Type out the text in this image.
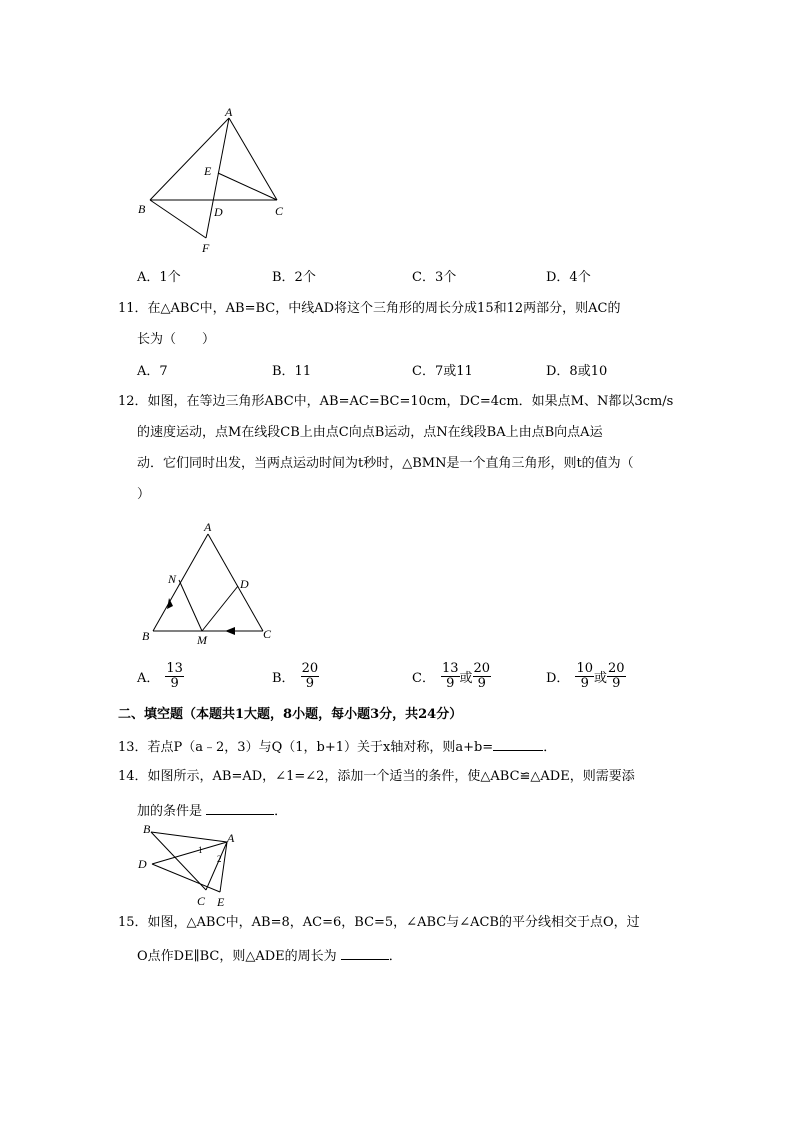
A
E
B	D	C
F
A．1个	B．2个	C．3个	D．4个
11．在△ABC中，AB=BC，中线AD将这个三角形的周长分成15和12两部分，则AC的
长为（　　）
A．7	B．11	C．7或11	D．8或10
12．如图，在等边三角形ABC中，AB=AC=BC=10cm，DC=4cm．如果点M、N都以3cm/s
的速度运动，点M在线段CB上由点C向点B运动，点N在线段BA上由点B向点A运
动．它们同时出发，当两点运动时间为t秒时，△BMN是一个直角三角形，则t的值为（
）
A
N	D
B	M	C
A． $\frac{13}{9}$	B． $\frac{20}{9}$	C． $\frac{13}{9}$ 或 $\frac{20}{9}$	D． $\frac{10}{9}$ 或 $\frac{20}{9}$
二、填空题（本题共1大题，8小题，每小题3分，共24分）
13．若点P（a﹣2，3）与Q（1，b+1）关于x轴对称，则a+b=	．
14．如图所示，AB=AD，∠1=∠2，添加一个适当的条件，使△ABC≌△ADE，则需要添
加的条件是	．
B
A
D
1
2
C E
15．如图，△ABC中，AB=8，AC=6，BC=5，∠ABC与∠ACB的平分线相交于点O，过
O点作DE∥BC，则△ADE的周长为	．
